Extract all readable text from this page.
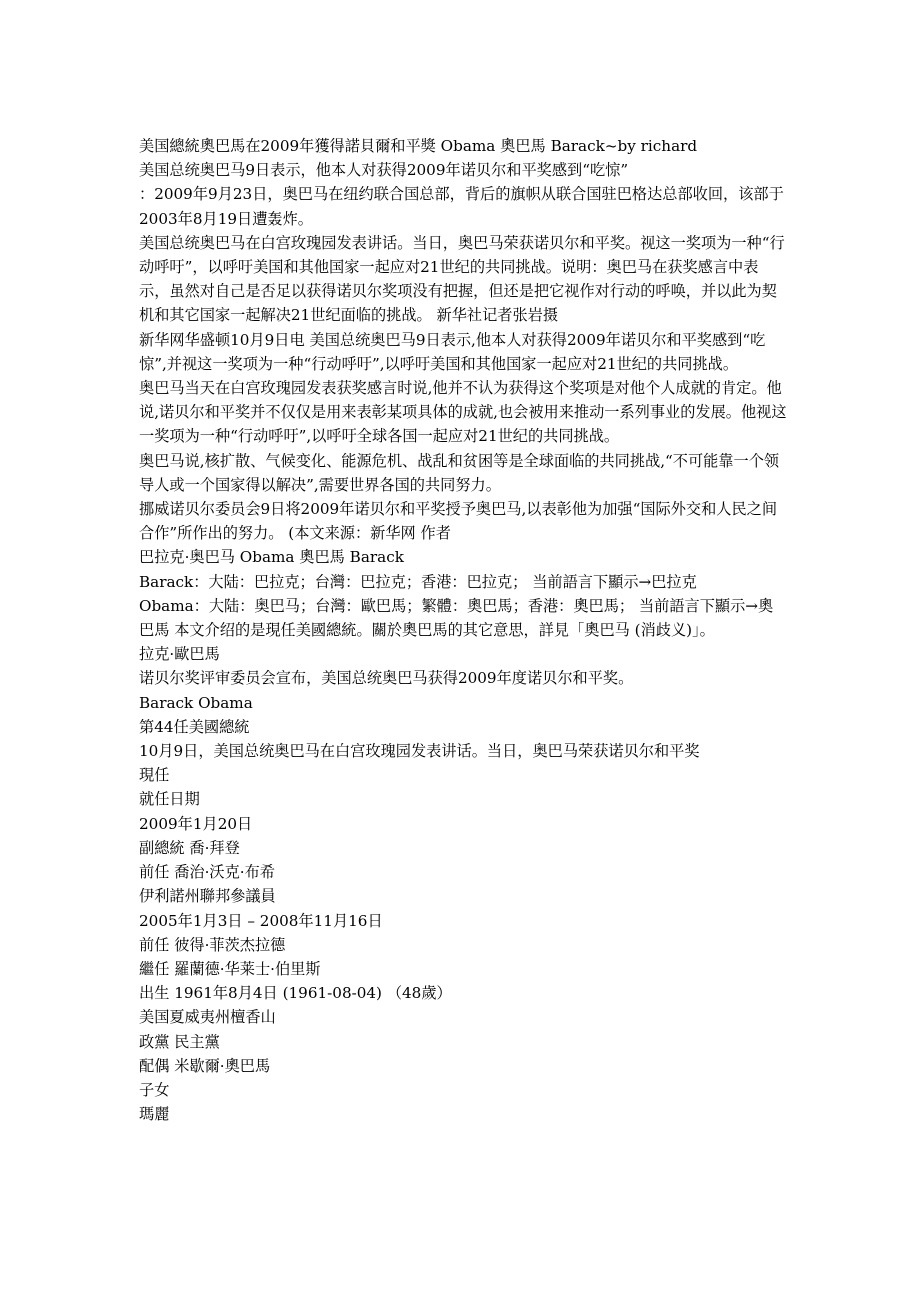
美国總統奧巴馬在2009年獲得諾貝爾和平獎 Obama 奧巴馬 Barack~by richard

美国总统奥巴马9日表示，他本人对获得2009年诺贝尔和平奖感到“吃惊”

：2009年9月23日，奥巴马在纽约联合国总部，背后的旗帜从联合国驻巴格达总部收回，该部于2003年8月19日遭轰炸。

美国总统奥巴马在白宫玫瑰园发表讲话。当日，奥巴马荣获诺贝尔和平奖。视这一奖项为一种“行动呼吁”，以呼吁美国和其他国家一起应对21世纪的共同挑战。说明：奥巴马在获奖感言中表示，虽然对自己是否足以获得诺贝尔奖项没有把握，但还是把它视作对行动的呼唤，并以此为契机和其它国家一起解决21世纪面临的挑战。 新华社记者张岩摄

新华网华盛顿10月9日电 美国总统奥巴马9日表示,他本人对获得2009年诺贝尔和平奖感到“吃惊”,并视这一奖项为一种“行动呼吁”,以呼吁美国和其他国家一起应对21世纪的共同挑战。

奥巴马当天在白宫玫瑰园发表获奖感言时说,他并不认为获得这个奖项是对他个人成就的肯定。他说,诺贝尔和平奖并不仅仅是用来表彰某项具体的成就,也会被用来推动一系列事业的发展。他视这一奖项为一种“行动呼吁”,以呼吁全球各国一起应对21世纪的共同挑战。

奥巴马说,核扩散、气候变化、能源危机、战乱和贫困等是全球面临的共同挑战,“不可能靠一个领导人或一个国家得以解决”,需要世界各国的共同努力。

挪威诺贝尔委员会9日将2009年诺贝尔和平奖授予奥巴马,以表彰他为加强“国际外交和人民之间合作”所作出的努力。 (本文来源：新华网 作者

巴拉克·奥巴马 Obama 奧巴馬 Barack

Barack：大陆：巴拉克；台灣：巴拉克；香港：巴拉克； 当前語言下顯示→巴拉克

Obama：大陆：奥巴马；台灣：歐巴馬；繁體：奧巴馬；香港：奧巴馬； 当前語言下顯示→奧巴馬 本文介绍的是現任美國總統。關於奧巴馬的其它意思，詳見「奧巴马 (消歧义)」。

拉克·歐巴馬

诺贝尔奖评审委员会宣布，美国总统奥巴马获得2009年度诺贝尔和平奖。

Barack Obama

第44任美國總統

10月9日，美国总统奥巴马在白宫玫瑰园发表讲话。当日，奥巴马荣获诺贝尔和平奖

現任

就任日期

2009年1月20日

副總統 喬·拜登

前任 喬治·沃克·布希

伊利諾州聯邦參議員

2005年1月3日 – 2008年11月16日

前任 彼得·菲茨杰拉德

繼任 羅蘭德·华莱士·伯里斯

出生 1961年8月4日 (1961-08-04) （48歲）

美国夏威夷州檀香山

政黨 民主黨

配偶 米歇爾·奧巴馬

子女

瑪麗
